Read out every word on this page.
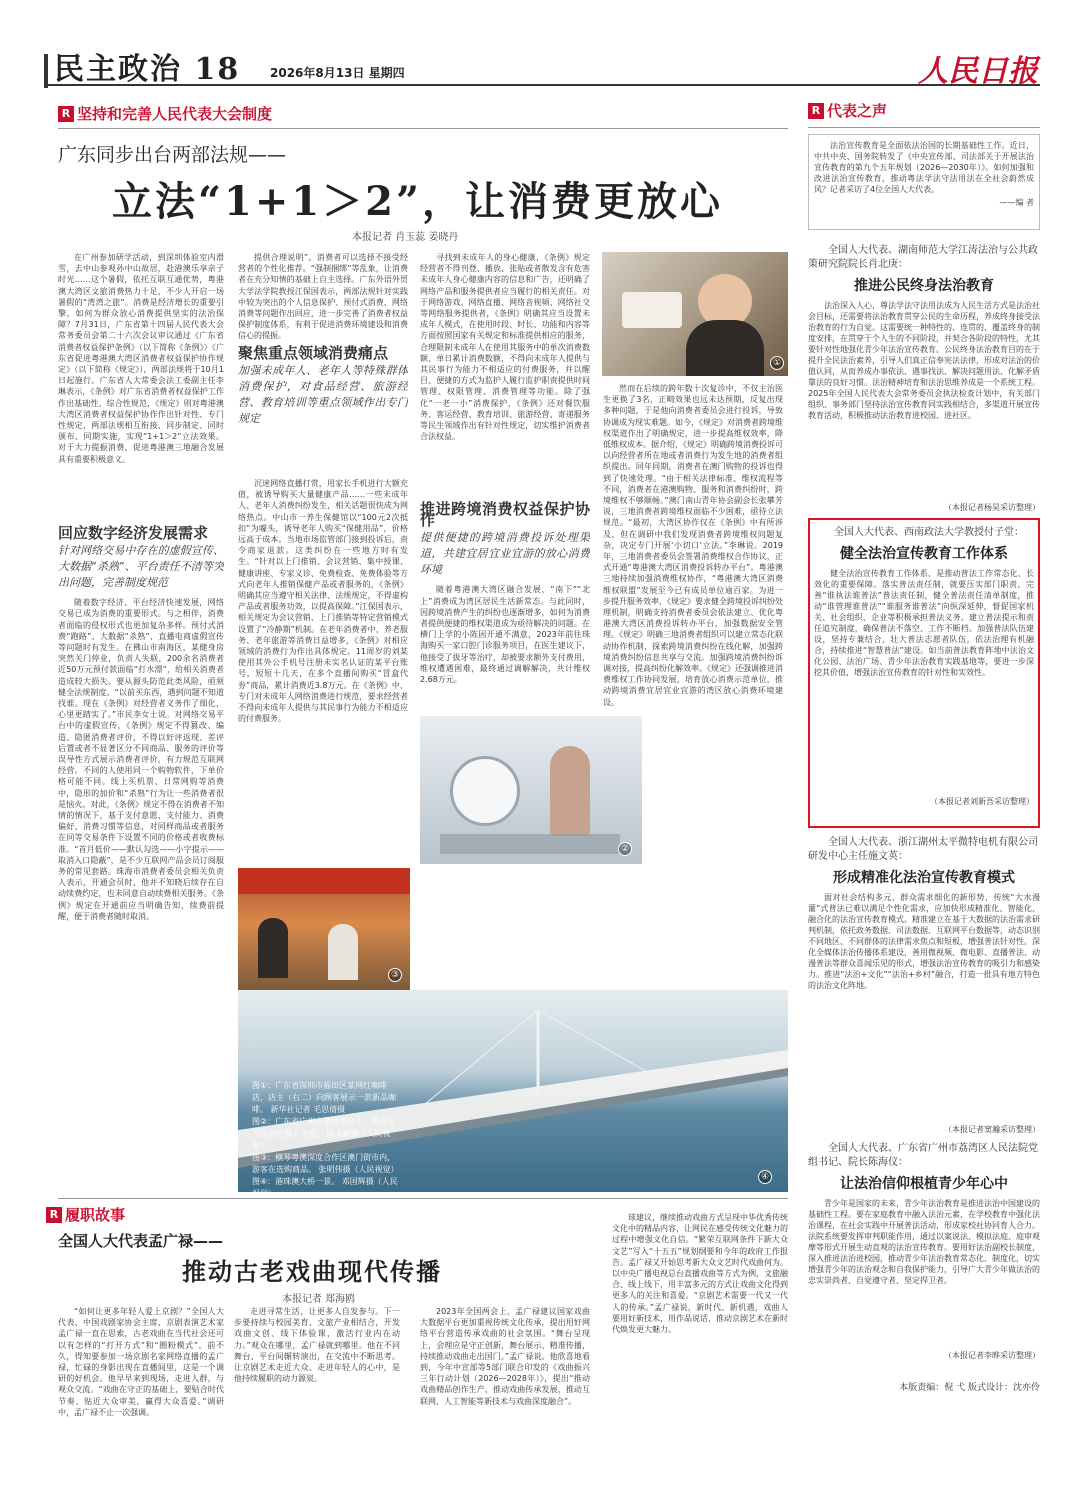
民主政治 18 2026年8月13日 星期四	人民日报
R 坚持和完善人民代表大会制度
广东同步出台两部法规——
立法“1+1＞2”，让消费更放心
本报记者 肖玉蕊 姜晓丹

在广州参加研学活动，到深圳体验室内滑雪，去中山参观孙中山故居，赴港澳乐享亲子时光……这个暑假，依托互联互通优势，粤港澳大湾区文旅消费热力十足，不少人开启一场暑假的“湾湾之旅”。消费是经济增长的重要引擎，如何为群众放心消费提供坚实的法治保障？7月31日，广东省第十四届人民代表大会常务委员会第二十六次会议审议通过《广东省消费者权益保护条例》（以下简称《条例》）《广东省促进粤港澳大湾区消费者权益保护协作规定》（以下简称《规定》），两部法规将于10月1日起施行。广东省人大常委会法工委副主任李琳表示，《条例》对广东省消费者权益保护工作作出基础性、综合性规范，《规定》则对粤港澳大湾区消费者权益保护协作作出针对性、专门性规定，两部法规相互衔接、同步制定、同时颁布、同期实施，实现“1+1＞2”立法效果。对于大力提振消费、促进粤港澳三地融合发展具有重要积极意义。

回应数字经济发展需求
针对网络交易中存在的虚假宣传、大数据“杀熟”、平台责任不清等突出问题，完善制度规范

随着数字经济、平台经济快速发展，网络交易已成为消费的重要形式。与之相伴，消费者面临的侵权形式也更加复杂多样。预付式消费“跑路”、大数据“杀熟”、直播电商虚假宣传等问题时有发生。在佛山市南海区，某健身房突然关门停业，负责人失联，200余名消费者近50万元预付款面临“打水漂”，给相关消费者造成较大损失。要从源头防范此类风险，亟须健全法规制度。“以前买东西，遇到问题不知道找谁。现在《条例》对经营者义务作了细化，心里更踏实了。”市民李女士说。对网络交易平台中的虚假宣传，《条例》规定不得篡改、编造、隐匿消费者评价，不得以好评返现、差评后置或者不显著区分不同商品、服务的评价等误导性方式展示消费者评价，有力规范互联网经营。不同的人使用同一个购物软件，下单价格可能不同。线上买机票、日常网购等消费中，隐形的加价和“杀熟”行为让一些消费者很是恼火。对此，《条例》规定不得在消费者不知情的情况下，基于支付意愿、支付能力、消费偏好、消费习惯等信息，对同样商品或者服务在同等交易条件下设置不同的价格或者收费标准。“首月低价——默认勾选——小字提示——取消入口隐蔽”，是不少互联网产品会员订阅服务的常见套路。珠海市消费者委员会相关负责人表示，开通会员时，他并不知晓后续存在自动续费约定，也未同意自动续费相关服务。《条例》规定在开通前应当明确告知，续费前提醒，便于消费者随时取消。

提供合理说明”。消费者可以选择不接受经营者的个性化推荐。“强制捆绑”等乱象，让消费者在充分知情的基础上自主选择。广东外语外贸大学法学院教授江保国表示，两部法规针对实践中较为突出的个人信息保护、预付式消费、网络消费等问题作出回应，进一步完善了消费者权益保护制度体系，有利于促进消费环境建设和消费信心的提振。

聚焦重点领域消费痛点
加强未成年人、老年人等特殊群体消费保护，对食品经营、旅游经营、教育培训等重点领域作出专门规定

沉迷网络直播打赏，用家长手机进行大额充值，被诱导购买大量健康产品……一些未成年人、老年人消费纠纷发生，相关话题很快成为网络热点。中山市一养生保健馆以“100元2次抵扣”为噱头，诱导老年人购买“保健用品”，价格远高于成本。当地市场监管部门接到投诉后，责令商家退款。这类纠纷在一些地方时有发生。“针对以上门推销、会议营销、集中授课、健康讲座、专家义诊、免费检查、免费体验等方式向老年人推销保健产品或者服务的，《条例》明确其应当遵守相关法律、法规规定，不得虚构产品或者服务功效，以提高保障。”江保国表示，相关规定为会议营销、上门推销等特定营销模式设置了“冷静期”机制。在老年消费者中，养老服务、老年旅游等消费日益增多，《条例》对相应领域的消费行为作出具体规定。11周岁的刘某使用其外公手机号注册未实名认证的某平台账号，短短十几天，在多个直播间购买“冒盒代券”商品，累计消费近3.8万元。在《条例》中，专门对未成年人网络消费进行规范，要求经营者不得向未成年人提供与其民事行为能力不相适应的付费服务。

寻找到未成年人的身心健康，《条例》规定经营者不得刊登、播放、张贴或者散发含有危害未成年人身心健康内容的信息和广告，还明确了网络产品和服务提供者应当履行的相关责任。对于网络游戏、网络直播、网络音视频、网络社交等网络服务提供者，《条例》明确其应当设置未成年人模式，在使用时段、时长、功能和内容等方面按照国家有关规定和标准提供相应的服务，合理限制未成年人在使用其服务中的单次消费数额、单日累计消费数额，不得向未成年人提供与其民事行为能力不相适应的付费服务，并以醒目、便捷的方式为监护人履行监护职责提供时间管理、权限管理、消费管理等功能。除了强化“一老一小”消费保护，《条例》还对餐饮服务、客运经营、教育培训、旅游经营、寄递服务等民生领域作出有针对性规定，切实维护消费者合法权益。

推进跨境消费权益保护协作
提供便捷的跨境消费投诉处理渠道，共建宜居宜业宜游的放心消费环境

随着粤港澳大湾区融合发展，“南下”“北上”消费成为湾区居民生活新常态。与此同时，因跨境消费产生的纠纷也逐渐增多，如何为消费者提供便捷的维权渠道成为亟待解决的问题。在横门上学的小陈因开通不满意，2023年前往珠海购买一家口腔门诊服务项目，在医生建议下，他接受了拔牙等治疗，却被要求额外支付费用，维权遭遇困难，最终通过调解解决，共计维权2.68万元。

然而在后续的跨年数十次复诊中，不仅主治医生更换了3名，正畸效果也远未达预期，反复出现多种问题，于是他向消费者委员会进行投诉，导致协调成为现实难题。如今，《规定》对消费者跨境维权渠道作出了明确规定，进一步提高维权效率，降低维权成本。据介绍，《规定》明确跨境消费投诉可以向经营者所在地或者消费行为发生地的消费者组织提出。同年同期，消费者在澳门购物的投诉也得到了快速处理。“由于相关法律标准、维权流程等不同，消费者在港澳购物、服务和消费纠纷时，跨境维权不够顺畅。”澳门南山青年协会副会长张攀芳说，三地消费者跨境维权面临不少困难，亟待立法规范。“最初，大湾区协作仅在《条例》中有所涉及，但在调研中我们发现消费者跨境维权问题复杂，决定专门开展‘小切口’立法。”李琳说。2019年，三地消费者委员会签署消费维权合作协议，正式开通“粤港澳大湾区消费投诉转办平台”。粤港澳三地持续加强消费维权协作，“粤港澳大湾区消费维权联盟”发展至今已有成员单位逾百家。为进一步提升服务效率，《规定》要求健全跨境投诉纠纷处理机制，明确支持消费者委员会依法建立、优化粤港澳大湾区消费投诉转办平台，加强数据安全管理。《规定》明确三地消费者组织可以建立常态化联动协作机制，探索跨境消费纠纷在线化解，加强跨境消费纠纷信息共享与交流。加强跨境消费纠纷诉调对接，提高纠纷化解效率。《规定》还强调推进消费维权工作协同发展，培育放心消费示范单位，推动跨境消费宜居宜业宜游的湾区放心消费环境建设。

①
②
③
④
图①：广东省深圳市福田区某网红咖啡店，店主（右二）向顾客展示一款新品咖啡。 新华社记者 毛思倩摄
图②：广东省广州市某博览会上，观众在与互动机器人交流。 陈文斌摄（人民视觉）
图③：横琴粤澳深度合作区澳门街市内，游客在选购商品。 张明伟摄（人民视觉）
图④：港珠澳大桥一景。 邓国辉摄（人民视觉）
R 履职故事
全国人大代表孟广禄——
推动古老戏曲现代传播
本报记者 郑海鸥

“如何让更多年轻人爱上京剧？”全国人大代表、中国戏剧家协会主席、京剧表演艺术家孟广禄一直在思索，古老戏曲在当代社会还可以有怎样的“打开方式”和“圈粉模式”。前不久，得知要参加一场京剧名家网络直播的孟广禄，忙碌的身影出现在直播间里，这是一个调研的好机会。他早早来到现场，走进人群，与观众交流。“戏曲在守正的基础上，要贴合时代节奏、贴近大众审美，赢得大众喜爱。”调研中，孟广禄不止一次强调。

走进寻常生活，让更多人自发参与。下一步要持续与校园美育、文旅产业相结合，开发戏曲文创、线下体验课，激活行业内在动力。”观众在哪里，孟广禄就到哪里。他在不同舞台、平台间辗转演出，在交流中不断思考。让京剧艺术走近大众、走进年轻人的心中，是他持续履职的动力源泉。

2023年全国两会上，孟广禄建议国家戏曲大数据平台更加重视传统文化传承，提出用好网络平台营造传承戏曲的社会氛围。“舞台呈现上，会理应是守正创新，舞台展示、精准传播，持续推动戏曲走出国门。”孟广禄说。他欣喜地看到，今年中宣部等5部门联合印发的《戏曲振兴三年行动计划（2026—2028年）》，提出“推动戏曲精品创作生产，推动戏曲传承发展，推动互联网、人工智能等新技术与戏曲深度融合”。

球建议，继续推动戏曲方式呈现中华优秀传统文化中的精品内容，让网民在感受传统文化魅力的过程中增强文化自信。“繁荣互联网条件下新大众文艺”写入“十五五”规划纲要和今年的政府工作报告。孟广禄又开始思考新大众文艺时代戏曲何为。以中央广播电视总台直播戏曲等方式为例，文旅融合、线上线下，用丰富多元的方式让戏曲文化得到更多人的关注和喜爱。“京剧艺术需要一代又一代人的传承。”孟广禄说，新时代、新机遇，戏曲人要用好新技术，用作品说话，推动京剧艺术在新时代焕发更大魅力。

R 代表之声
法治宣传教育是全面依法治国的长期基础性工作。近日，中共中央、国务院转发了《中央宣传部、司法部关于开展法治宣传教育的第九个五年规划（2026—2030年）》。如何加强和改进法治宣传教育，推动粤法学法守法用法在全社会蔚然成风？记者采访了4位全国人大代表。
——编 者
全国人大代表、湖南师范大学江涛法治与公共政策研究院院长肖北庚：
推进公民终身法治教育
法治深入人心，尊法学法守法用法成为人民生活方式是法治社会目标，还需要将法治教育贯穿公民的生命历程，养成终身接受法治教育的行为自觉。这需要统一种特性的、连贯的、覆盖终身的制度安排，在贯穿于个人生的不同阶段，并契合各阶段的特性，尤其要针对性地强化青少年法治宣传教育。公民终身法治教育目的在于提升全民法治素养，引导人们真正信奉宪法法律，形成对法治的价值认同，从而养成办事依法、遇事找法、解决问题用法、化解矛盾靠法的良好习惯。法治精神培育和法治思维养成是一个系统工程。2025年全国人民代表大会常务委员会执法检查计划中，有关部门组织、事务部门坚持法治宣传教育同实践相结合，多渠道开展宣传教育活动，积极推动法治教育进校园、进社区。
（本报记者杨昊采访整理）
全国人大代表、西南政法大学教授付子堂：
健全法治宣传教育工作体系
健全法治宣传教育工作体系，是推动普法工作常态化、长效化的重要保障。落实普法责任制，就要压实部门职责，完善“谁执法谁普法”普法责任制，健全普法责任清单制度，推动“谁管理谁普法”“谁服务谁普法”向纵深延伸，督促国家机关、社会组织、企业等积极承担普法义务。建立普法提示和责任追究制度，确保普法不落空、工作不断档。加强普法队伍建设，坚持专兼结合，壮大普法志愿者队伍，依法治理有机融合，持续推进“智慧普法”建设。如当前普法教育阵地中法治文化公园、法治广场、青少年法治教育实践基地等，要进一步深挖其价值，增强法治宣传教育的针对性和实效性。
（本报记者刘新吾采访整理）
全国人大代表、浙江湖州太平微特电机有限公司研发中心主任施文英：
形成精准化法治宣传教育模式
面对社会结构多元、群众需求细化的新形势，传统“大水漫灌”式普法已难以满足个性化需求，应加快形成精准化、智能化、融合化的法治宣传教育模式。精准建立在基于大数据的法治需求研判机制，依托政务数据、司法数据、互联网平台数据等，动态识别不同地区、不同群体的法律需求焦点和短板，增强普法针对性。深化全媒体法治传播体系建设，善用微视频、微电影、直播普法、动漫普法等群众喜闻乐见的形式，增强法治宣传教育的吸引力和感染力。推进“法治+文化”“法治+乡村”融合，打造一批具有地方特色的法治文化阵地。
（本报记者窦瀚采访整理）
全国人大代表、广东省广州市荔湾区人民法院党组书记、院长陈海仪：
让法治信仰根植青少年心中
青少年是国家的未来，青少年法治教育是推进法治中国建设的基础性工程。要在家庭教育中融入法治元素，在学校教育中强化法治课程，在社会实践中开展普法活动，形成家校社协同育人合力。法院系统要发挥审判职能作用，通过以案说法、模拟法庭、庭审观摩等形式开展生动直观的法治宣传教育。要用好法治副校长制度，深入推进法治进校园，推动青少年法治教育常态化、制度化，切实增强青少年的法治观念和自我保护能力，引导广大青少年做法治的忠实崇尚者、自觉遵守者、坚定捍卫者。
（本报记者李晔采访整理）
本版责编：倪 弋 版式设计：沈亦伶
